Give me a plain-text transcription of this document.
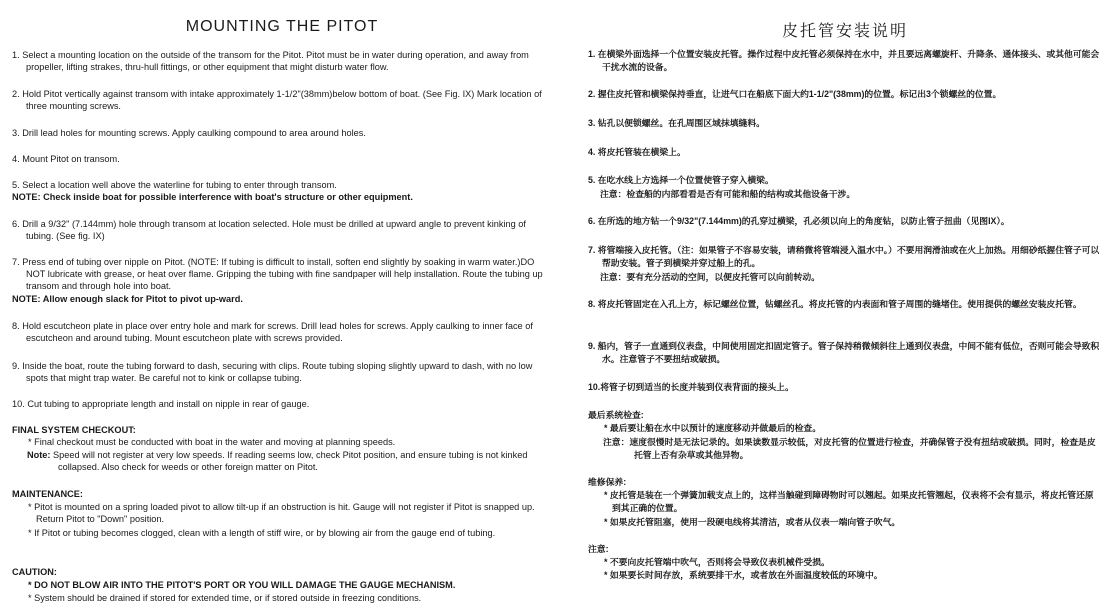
MOUNTING THE PITOT

1. Select a mounting location on the outside of the transom for the Pitot. Pitot must be in water during operation, and away from propeller, lifting strakes, thru-hull fittings, or other equipment that might disturb water flow.

2. Hold Pitot vertically against transom with intake approximately 1-1/2"(38mm)below bottom of boat. (See Fig. IX) Mark location of three mounting screws.

3. Drill lead holes for mounting screws. Apply caulking compound to area around holes.

4. Mount Pitot on transom.

5. Select a location well above the waterline for tubing to enter through transom.

NOTE: Check inside boat for possible interference with boat's structure or other equipment.

6. Drill a 9/32" (7.144mm) hole through transom at location selected. Hole must be drilled at upward angle to prevent kinking of tubing. (See fig. IX)

7. Press end of tubing over nipple on Pitot. (NOTE: If tubing is difficult to install, soften end slightly by soaking in warm water.)DO NOT lubricate with grease, or heat over flame. Gripping the tubing with fine sandpaper will help installation. Route the tubing up transom and through hole into boat.

NOTE: Allow enough slack for Pitot to pivot up-ward.

8. Hold escutcheon plate in place over entry hole and mark for screws. Drill lead holes for screws. Apply caulking to inner face of escutcheon and around tubing. Mount escutcheon plate with screws provided.

9. Inside the boat, route the tubing forward to dash, securing with clips. Route tubing sloping slightly upward to dash, with no low spots that might trap water. Be careful not to kink or collapse tubing.

10. Cut tubing to appropriate length and install on nipple in rear of gauge.

FINAL SYSTEM CHECKOUT:

* Final checkout must be conducted with boat in the water and moving at planning speeds.

Note: Speed will not register at very low speeds. If reading seems low, check Pitot position, and ensure tubing is not kinked collapsed. Also check for weeds or other foreign matter on Pitot.

MAINTENANCE:

* Pitot is mounted on a spring loaded pivot to allow tilt-up if an obstruction is hit. Gauge will not register if Pitot is snapped up. Return Pitot to "Down" position.

* If Pitot or tubing becomes clogged, clean with a length of stiff wire, or by blowing air from the gauge end of tubing.

CAUTION:

* DO NOT BLOW AIR INTO THE PITOT'S PORT OR YOU WILL DAMAGE THE GAUGE MECHANISM.

* System should be drained if stored for extended time, or if stored outside in freezing conditions.

皮托管安装说明

1. 在横梁外面选择一个位置安装皮托管。操作过程中皮托管必须保持在水中，并且要远离螺旋杆、升降条、通体接头、或其他可能会干扰水流的设备。

2. 握住皮托管和横梁保持垂直，让进气口在船底下面大约1-1/2"(38mm)的位置。标记出3个锁螺丝的位置。

3. 钻孔以便锁螺丝。在孔周围区域抹填缝料。

4. 将皮托管装在横梁上。

5. 在吃水线上方选择一个位置使管子穿入横梁。

注意：检查船的内部看看是否有可能和船的结构或其他设备干涉。

6. 在所选的地方钻一个9/32"(7.144mm)的孔穿过横梁，孔必须以向上的角度钻，以防止管子扭曲（见图IX）。

7. 将管端接入皮托管。（注：如果管子不容易安装，请稍微将管端浸入温水中。）不要用润滑油或在火上加热。用细砂纸握住管子可以帮助安装。管子到横梁并穿过船上的孔。

注意：要有充分活动的空间，以便皮托管可以向前转动。

8. 将皮托管固定在入孔上方，标记螺丝位置，钻螺丝孔。将皮托管的内表面和管子周围的缝堵住。使用提供的螺丝安装皮托管。

9. 船内，管子一直通到仪表盘，中间使用固定扣固定管子。管子保持稍微倾斜往上通到仪表盘，中间不能有低位，否则可能会导致积水。注意管子不要扭结或破损。

10.将管子切到适当的长度并装到仪表背面的接头上。

最后系统检查:

* 最后要让船在水中以预计的速度移动并做最后的检查。

注意：速度很慢时是无法记录的。如果读数显示较低，对皮托管的位置进行检查，并确保管子没有扭结或破损。同时，检查是皮托管上否有杂草或其他异物。

维修保养:

* 皮托管是装在一个弹簧加载支点上的，这样当触碰到障碍物时可以翘起。如果皮托管翘起，仪表将不会有显示，将皮托管还原到其正确的位置。

* 如果皮托管阻塞，使用一段硬电线将其清洁，或者从仪表一端向管子吹气。

注意:

* 不要向皮托管端中吹气，否则将会导致仪表机械件受损。

* 如果要长时间存放，系统要排干水，或者放在外面温度较低的环境中。
